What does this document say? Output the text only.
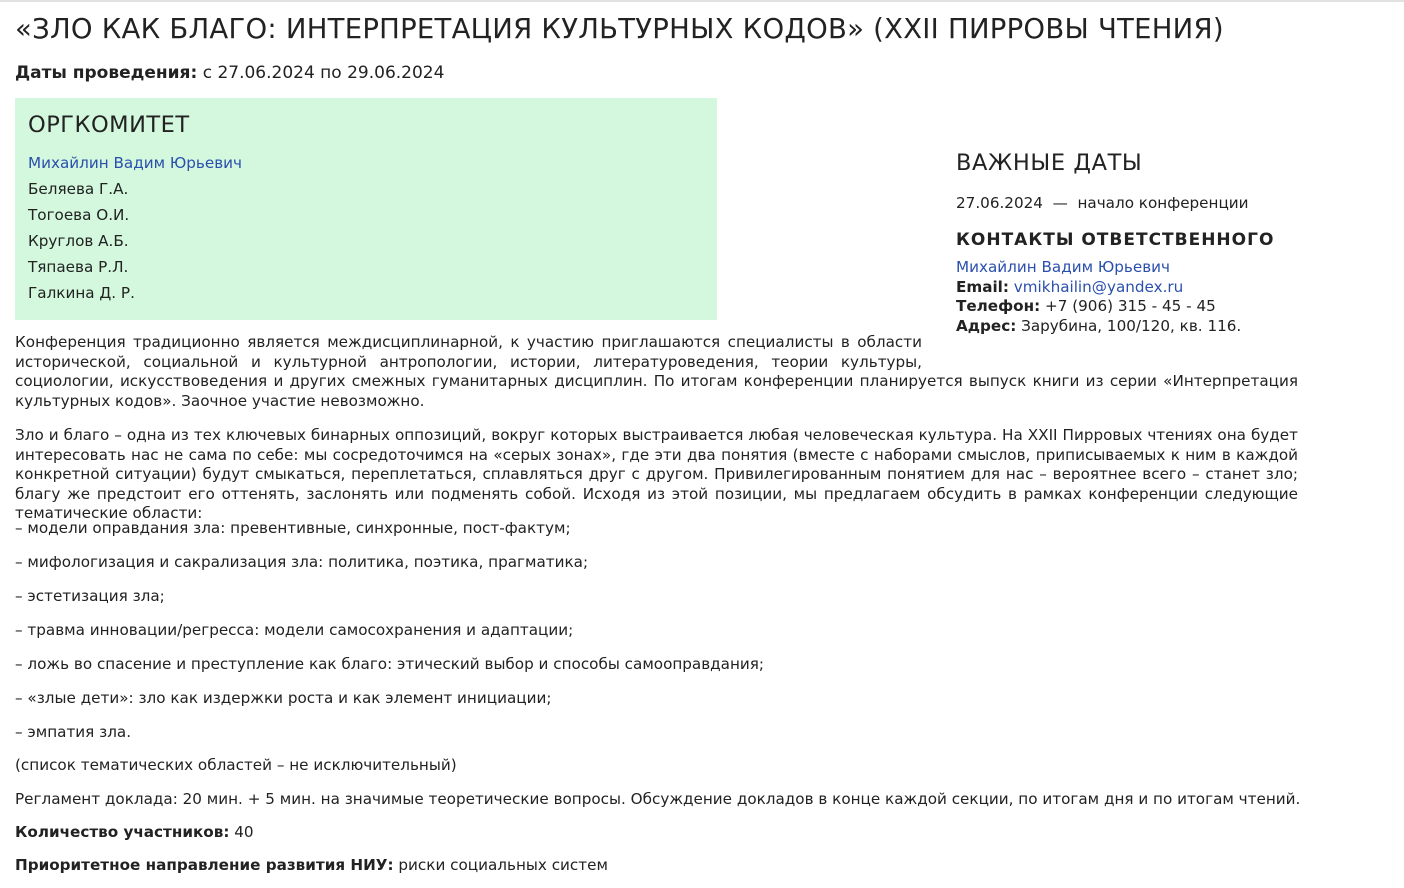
«ЗЛО КАК БЛАГО: ИНТЕРПРЕТАЦИЯ КУЛЬТУРНЫХ КОДОВ» (XXII ПИРРОВЫ ЧТЕНИЯ)
Даты проведения: с 27.06.2024 по 29.06.2024
ОРГКОМИТЕТ
Михайлин Вадим Юрьевич
Беляева Г.А.
Тогоева О.И.
Круглов А.Б.
Тяпаева Р.Л.
Галкина Д. Р.
ВАЖНЫЕ ДАТЫ
27.06.2024 — начало конференции
КОНТАКТЫ ОТВЕТСТВЕННОГО
Михайлин Вадим Юрьевич
Email: vmikhailin@yandex.ru
Телефон: +7 (906) 315 - 45 - 45
Адрес: Зарубина, 100/120, кв. 116.

Конференция традиционно является междисциплинарной, к участию приглашаются специалисты в области исторической, социальной и культурной антропологии, истории, литературоведения, теории культуры, социологии, искусствоведения и других смежных гуманитарных дисциплин. По итогам конференции планируется выпуск книги из серии «Интерпретация культурных кодов». Заочное участие невозможно.

Зло и благо – одна из тех ключевых бинарных оппозиций, вокруг которых выстраивается любая человеческая культура. На XXII Пирровых чтениях она будет интересовать нас не сама по себе: мы сосредоточимся на «серых зонах», где эти два понятия (вместе с наборами смыслов, приписываемых к ним в каждой конкретной ситуации) будут смыкаться, переплетаться, сплавляться друг с другом. Привилегированным понятием для нас – вероятнее всего – станет зло; благу же предстоит его оттенять, заслонять или подменять собой. Исходя из этой позиции, мы предлагаем обсудить в рамках конференции следующие тематические области:

– модели оправдания зла: превентивные, синхронные, пост-фактум;
– мифологизация и сакрализация зла: политика, поэтика, прагматика;
– эстетизация зла;
– травма инновации/регресса: модели самосохранения и адаптации;
– ложь во спасение и преступление как благо: этический выбор и способы самооправдания;
– «злые дети»: зло как издержки роста и как элемент инициации;
– эмпатия зла.
(список тематических областей – не исключительный)
Регламент доклада: 20 мин. + 5 мин. на значимые теоретические вопросы. Обсуждение докладов в конце каждой секции, по итогам дня и по итогам чтений.
Количество участников: 40
Приоритетное направление развития НИУ: риски социальных систем
